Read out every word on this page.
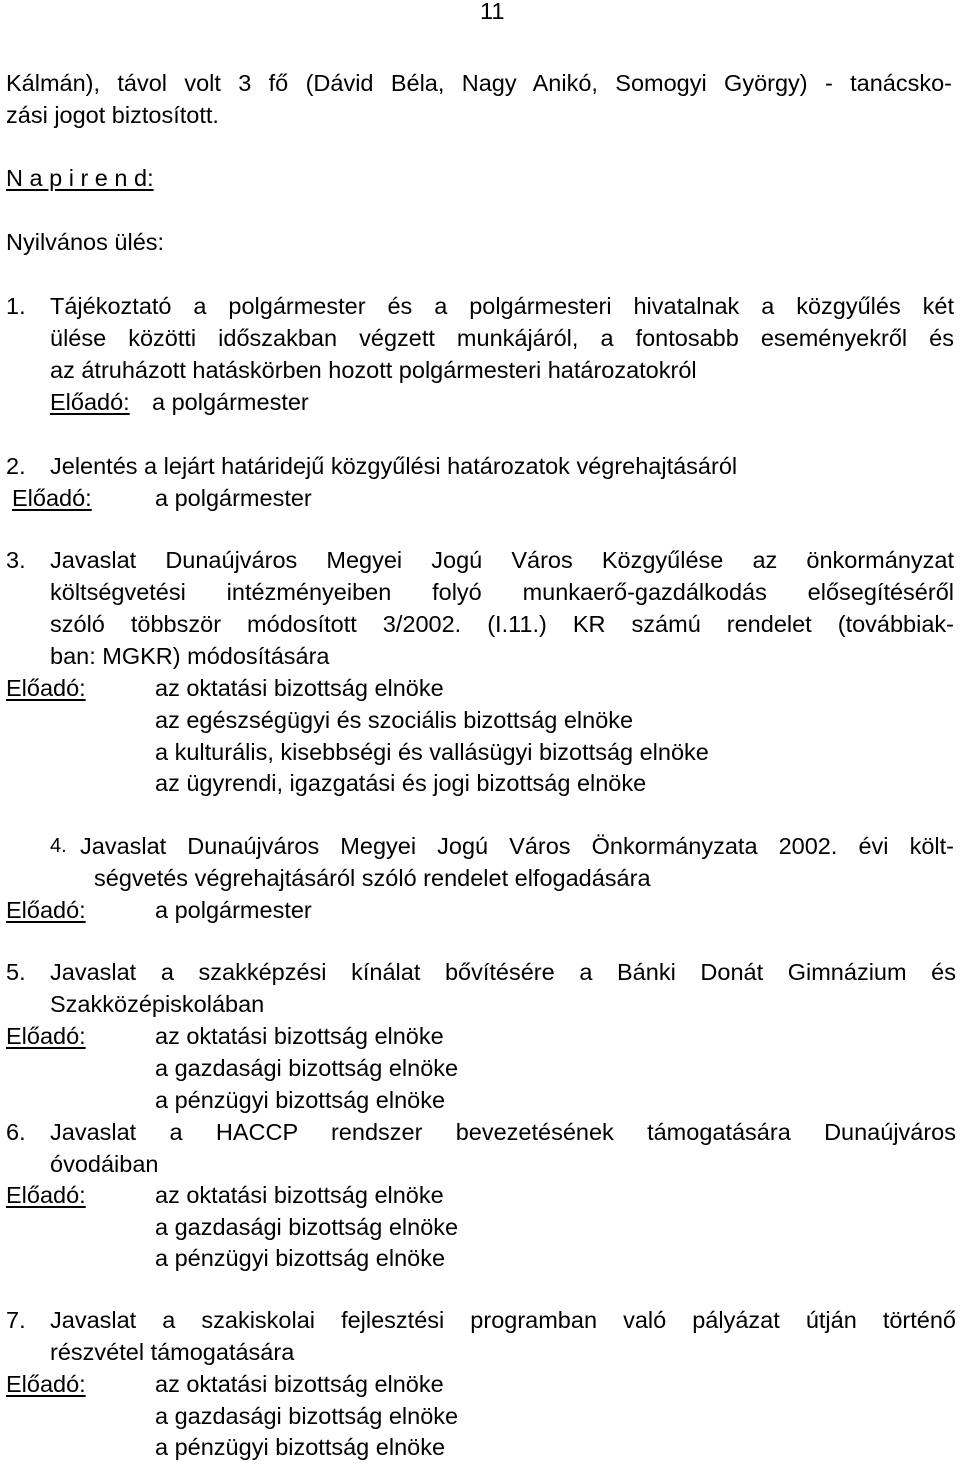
11
Kálmán), távol volt 3 fő (Dávid Béla, Nagy Anikó, Somogyi György) - tanácsko-
zási jogot biztosított.
N a p i r e n d:
Nyilvános ülés:
1. Tájékoztató a polgármester és a polgármesteri hivatalnak a közgyűlés két
ülése közötti időszakban végzett munkájáról, a fontosabb eseményekről és
az átruházott hatáskörben hozott polgármesteri határozatokról
Előadó: a polgármester
2. Jelentés a lejárt határidejű közgyűlési határozatok végrehajtásáról
Előadó:	a polgármester
3. Javaslat Dunaújváros Megyei Jogú Város Közgyűlése az önkormányzat
költségvetési intézményeiben folyó munkaerő-gazdálkodás elősegítéséről
szóló többször módosított 3/2002. (I.11.) KR számú rendelet (továbbiak-
ban: MGKR) módosítására
Előadó:	az oktatási bizottság elnöke
az egészségügyi és szociális bizottság elnöke
a kulturális, kisebbségi és vallásügyi bizottság elnöke
az ügyrendi, igazgatási és jogi bizottság elnöke
4. Javaslat Dunaújváros Megyei Jogú Város Önkormányzata 2002. évi költ-
ségvetés végrehajtásáról szóló rendelet elfogadására
Előadó:	a polgármester
5. Javaslat a szakképzési kínálat bővítésére a Bánki Donát Gimnázium és
Szakközépiskolában
Előadó:	az oktatási bizottság elnöke
a gazdasági bizottság elnöke
a pénzügyi bizottság elnöke
6. Javaslat a HACCP rendszer bevezetésének támogatására Dunaújváros
óvodáiban
Előadó:	az oktatási bizottság elnöke
a gazdasági bizottság elnöke
a pénzügyi bizottság elnöke
7. Javaslat a szakiskolai fejlesztési programban való pályázat útján történő
részvétel támogatására
Előadó:	az oktatási bizottság elnöke
a gazdasági bizottság elnöke
a pénzügyi bizottság elnöke
